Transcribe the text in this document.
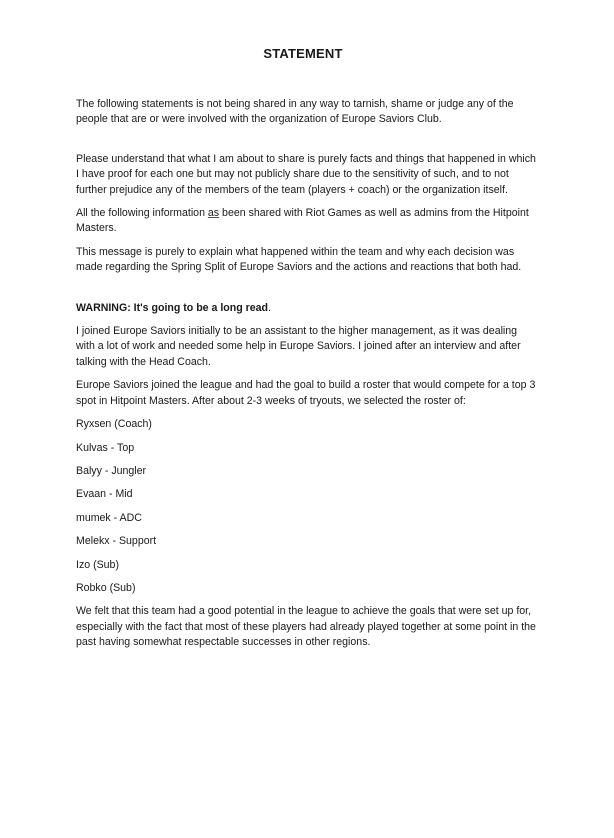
STATEMENT

The following statements is not being shared in any way to tarnish, shame or judge any of the people that are or were involved with the organization of Europe Saviors Club.

Please understand that what I am about to share is purely facts and things that happened in which I have proof for each one but may not publicly share due to the sensitivity of such, and to not further prejudice any of the members of the team (players + coach) or the organization itself.

All the following information as been shared with Riot Games as well as admins from the Hitpoint Masters.

This message is purely to explain what happened within the team and why each decision was made regarding the Spring Split of Europe Saviors and the actions and reactions that both had.

WARNING: It's going to be a long read.

I joined Europe Saviors initially to be an assistant to the higher management, as it was dealing with a lot of work and needed some help in Europe Saviors. I joined after an interview and after talking with the Head Coach.

Europe Saviors joined the league and had the goal to build a roster that would compete for a top 3 spot in Hitpoint Masters. After about 2-3 weeks of tryouts, we selected the roster of:

Ryxsen (Coach)

Kulvas - Top

Balyy - Jungler

Evaan - Mid

mumek - ADC

Melekx - Support

Izo (Sub)

Robko (Sub)

We felt that this team had a good potential in the league to achieve the goals that were set up for, especially with the fact that most of these players had already played together at some point in the past having somewhat respectable successes in other regions.
